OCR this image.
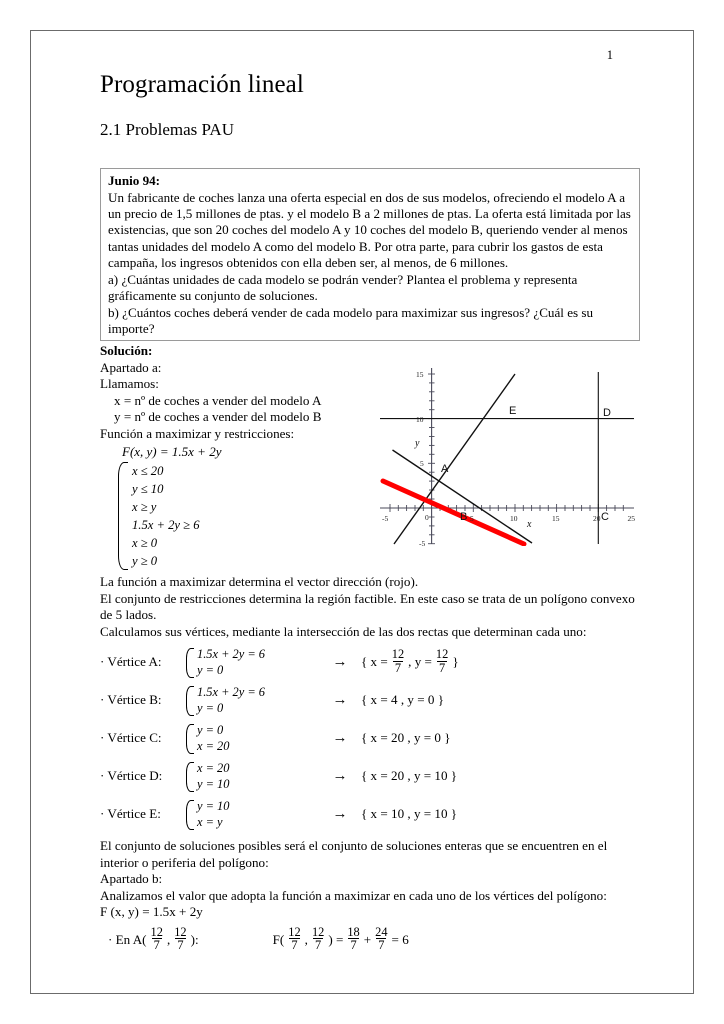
1
Programación lineal
2.1 Problemas PAU

Junio 94:

Un fabricante de coches lanza una oferta especial en dos de sus modelos, ofreciendo el modelo A a un precio de 1,5 millones de ptas. y el modelo B a 2 millones de ptas. La oferta está limitada por las existencias, que son 20 coches del modelo A y 10 coches del modelo B, queriendo vender al menos tantas unidades del modelo A como del modelo B. Por otra parte, para cubrir los gastos de esta campaña, los ingresos obtenidos con ella deben ser, al menos, de 6 millones.

a) ¿Cuántas unidades de cada modelo se podrán vender? Plantea el problema y representa gráficamente su conjunto de soluciones.

b) ¿Cuántos coches deberá vender de cada modelo para maximizar sus ingresos? ¿Cuál es su importe?

Solución:
-5	5	10	15	20	25
15
10
5
-5
0
y
x
A
B	C
D
E
Apartado a:
Llamamos:
x = nº de coches a vender del modelo A
y = nº de coches a vender del modelo B
Función a maximizar y restricciones:
F(x, y) = 1.5x + 2y
x ≤ 20
y ≤ 10
x ≥ y
1.5x + 2y ≥ 6
x ≥ 0
y ≥ 0
La función a maximizar determina el vector dirección (rojo).
El conjunto de restricciones determina la región factible. En este caso se trata de un polígono convexo de 5 lados.
Calculamos sus vértices, mediante la intersección de las dos rectas que determinan cada uno:
· Vértice A:
1.5x + 2y = 6
y = 0
→	{ $x = \frac{12}{7}$ , $y = \frac{12}{7}$ }
· Vértice B:
1.5x + 2y = 6
y = 0
→	{ x = 4 , y = 0 }
· Vértice C:
y = 0
x = 20
→	{ x = 20 , y = 0 }
· Vértice D:
x = 20
y = 10
→	{ x = 20 , y = 10 }
· Vértice E:
y = 10
x = y
→	{ x = 10 , y = 10 }
El conjunto de soluciones posibles será el conjunto de soluciones enteras que se encuentren en el interior o periferia del polígono:
Apartado b:
Analizamos el valor que adopta la función a maximizar en cada uno de los vértices del polígono:
F (x, y) = 1.5x + 2y
· En $A( \frac{12}{7}$ , $\frac{12}{7}$ ):	$F( \frac{12}{7}$ , $\frac{12}{7}$ ) = $\frac{18}{7} + \frac{24}{7} = 6$
